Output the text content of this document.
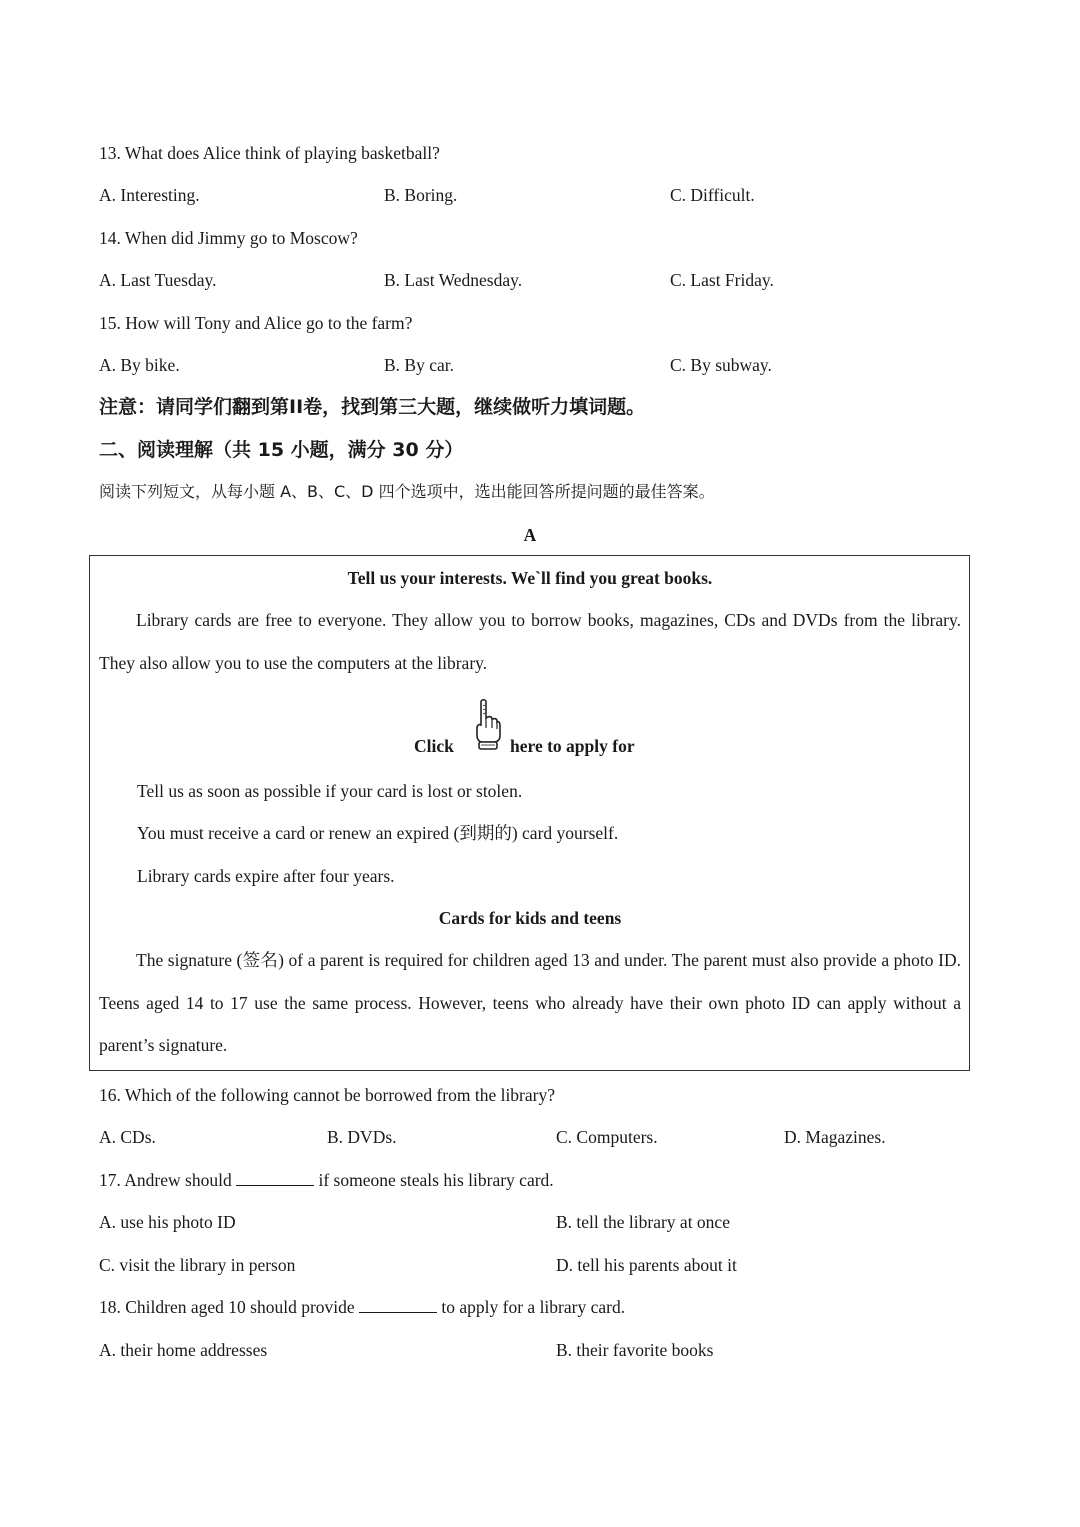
13. What does Alice think of playing basketball?
A. Interesting.	B. Boring.	C. Difficult.
14. When did Jimmy go to Moscow?
A. Last Tuesday.	B. Last Wednesday.	C. Last Friday.
15. How will Tony and Alice go to the farm?
A. By bike.	B. By car.	C. By subway.
注意：请同学们翻到第II卷，找到第三大题，继续做听力填词题。
二、阅读理解（共 15 小题，满分 30 分）
阅读下列短文，从每小题 A、B、C、D 四个选项中，选出能回答所提问题的最佳答案。
A
Tell us your interests. We`ll find you great books.
Library cards are free to everyone. They allow you to borrow books, magazines, CDs and DVDs from the library. They also allow you to use the computers at the library.
Click	here to apply for
Tell us as soon as possible if your card is lost or stolen.
You must receive a card or renew an expired (到期的) card yourself.
Library cards expire after four years.
Cards for kids and teens
The signature (签名) of a parent is required for children aged 13 and under. The parent must also provide a photo ID. Teens aged 14 to 17 use the same process. However, teens who already have their own photo ID can apply without a parent’s signature.
16. Which of the following cannot be borrowed from the library?
A. CDs.	B. DVDs.	C. Computers.	D. Magazines.
17. Andrew should	if someone steals his library card.
A. use his photo ID	B. tell the library at once
C. visit the library in person	D. tell his parents about it
18. Children aged 10 should provide	to apply for a library card.
A. their home addresses	B. their favorite books
